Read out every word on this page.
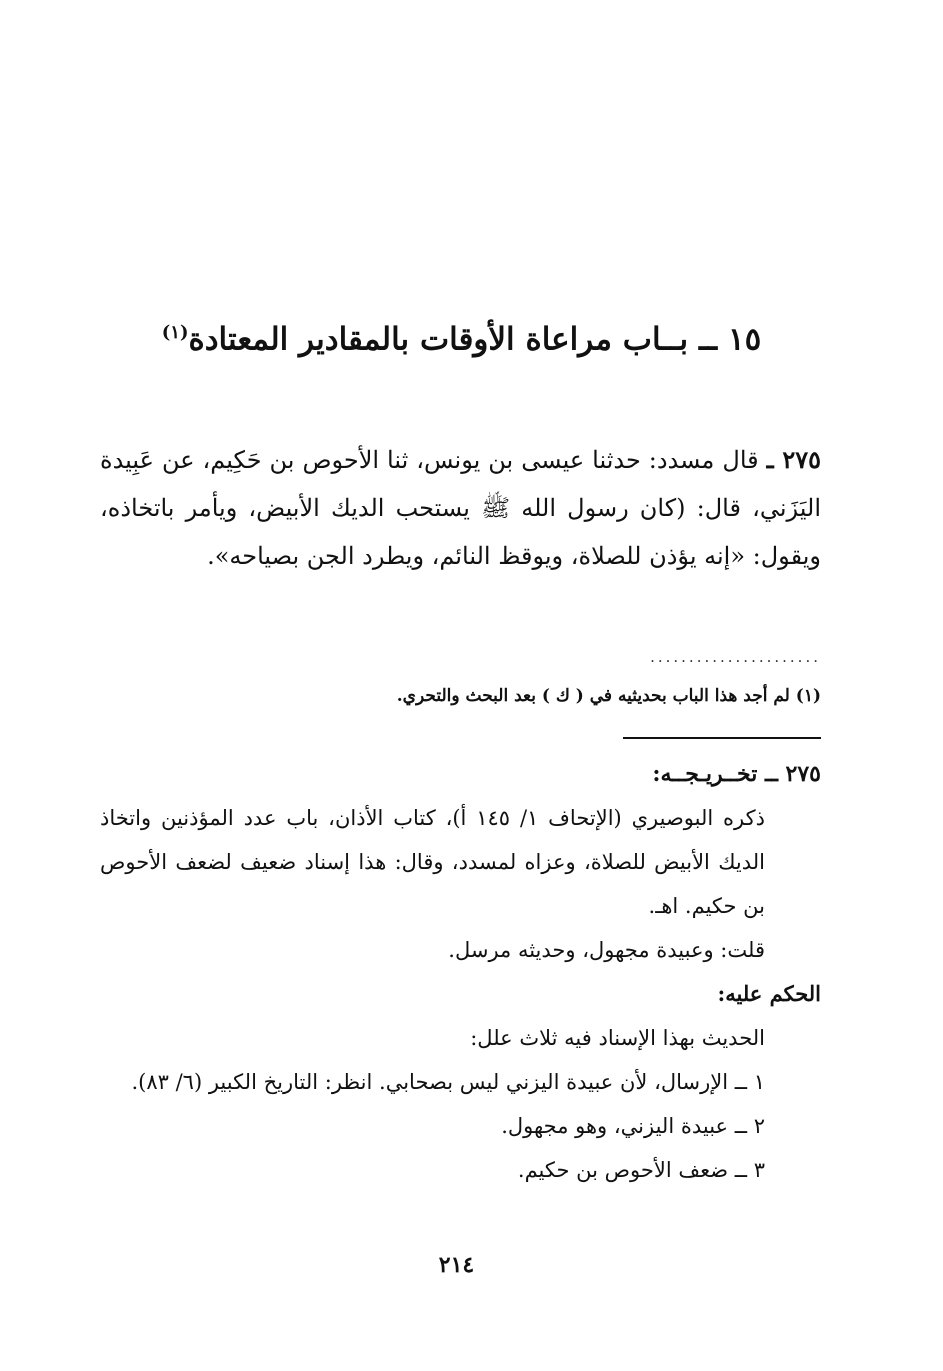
١٥ ــ بــاب مراعاة الأوقات بالمقادير المعتادة$^{(١)}$
٢٧٥ ـ قال مسدد: حدثنا عيسى بن يونس، ثنا الأحوص بن حَكِيم، عن عَبِيدة اليَزَني، قال: (كان رسول الله ﷺ يستحب الديك الأبيض، ويأمر باتخاذه، ويقول: «إنه يؤذن للصلاة، ويوقظ النائم، ويطرد الجن بصياحه».
......................
(١) لم أجد هذا الباب بحديثيه في ( ك ) بعد البحث والتحري.
٢٧٥ ــ تخــريـجــه:
ذكره البوصيري (الإتحاف ١/ ١٤٥ أ)، كتاب الأذان، باب عدد المؤذنين واتخاذ الديك الأبيض للصلاة، وعزاه لمسدد، وقال: هذا إسناد ضعيف لضعف الأحوص بن حكيم. اهـ.
قلت: وعبيدة مجهول، وحديثه مرسل.
الحكم عليه:
الحديث بهذا الإسناد فيه ثلاث علل:
١ ــ الإرسال، لأن عبيدة اليزني ليس بصحابي. انظر: التاريخ الكبير (٦/ ٨٣).
٢ ــ عبيدة اليزني، وهو مجهول.
٣ ــ ضعف الأحوص بن حكيم.
٢١٤
